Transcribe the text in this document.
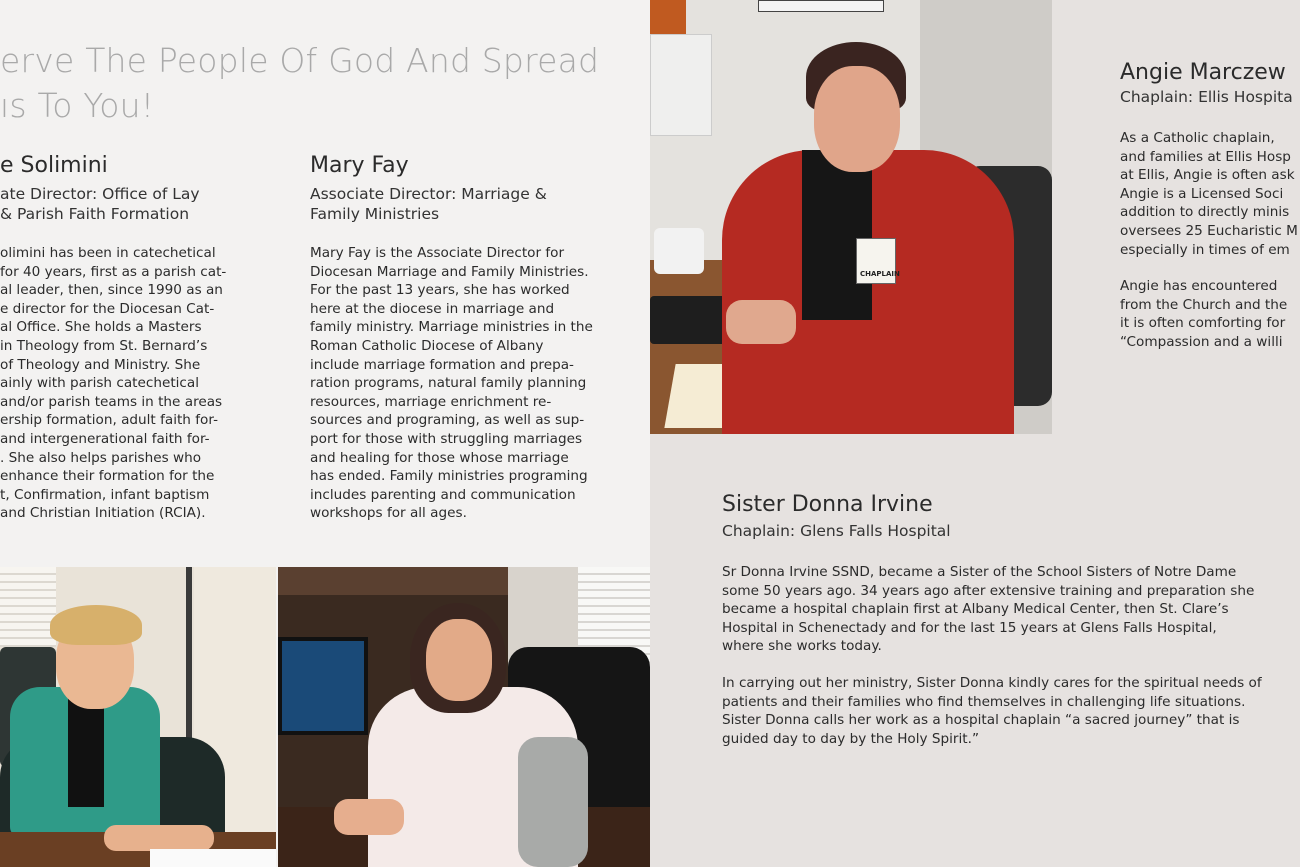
erve The People Of God And Spread
ıs To You!
e Solimini
ate Director: Office of Lay
& Parish Faith Formation
olimini has been in catechetical
for 40 years, first as a parish cat-
al leader, then, since 1990 as an
e director for the Diocesan Cat-
al Office. She holds a Masters
in Theology from St. Bernard’s
of Theology and Ministry. She
ainly with parish catechetical
and/or parish teams in the areas
ership formation, adult faith for-
and intergenerational faith for-
. She also helps parishes who
enhance their formation for the
t, Confirmation, infant baptism
and Christian Initiation (RCIA).
Mary Fay
Associate Director: Marriage &
Family Ministries
Mary Fay is the Associate Director for
Diocesan Marriage and Family Ministries.
For the past 13 years, she has worked
here at the diocese in marriage and
family ministry. Marriage ministries in the
Roman Catholic Diocese of Albany
include marriage formation and prepa-
ration programs, natural family planning
resources, marriage enrichment re-
sources and programing, as well as sup-
port for those with struggling marriages
and healing for those whose marriage
has ended. Family ministries programing
includes parenting and communication
workshops for all ages.
CHAPLAIN
Angie Marczew
Chaplain: Ellis Hospita

As a Catholic chaplain,
and families at Ellis Hosp
at Ellis, Angie is often ask
Angie is a Licensed Soci
addition to directly minis
oversees 25 Eucharistic M
especially in times of em

Angie has encountered
from the Church and the
it is often comforting for
“Compassion and a willi

Sister Donna Irvine
Chaplain: Glens Falls Hospital

Sr Donna Irvine SSND, became a Sister of the School Sisters of Notre Dame
some 50 years ago. 34 years ago after extensive training and preparation she
became a hospital chaplain first at Albany Medical Center, then St. Clare’s
Hospital in Schenectady and for the last 15 years at Glens Falls Hospital,
where she works today.

In carrying out her ministry, Sister Donna kindly cares for the spiritual needs of
patients and their families who find themselves in challenging life situations.
Sister Donna calls her work as a hospital chaplain “a sacred journey” that is
guided day to day by the Holy Spirit.”
